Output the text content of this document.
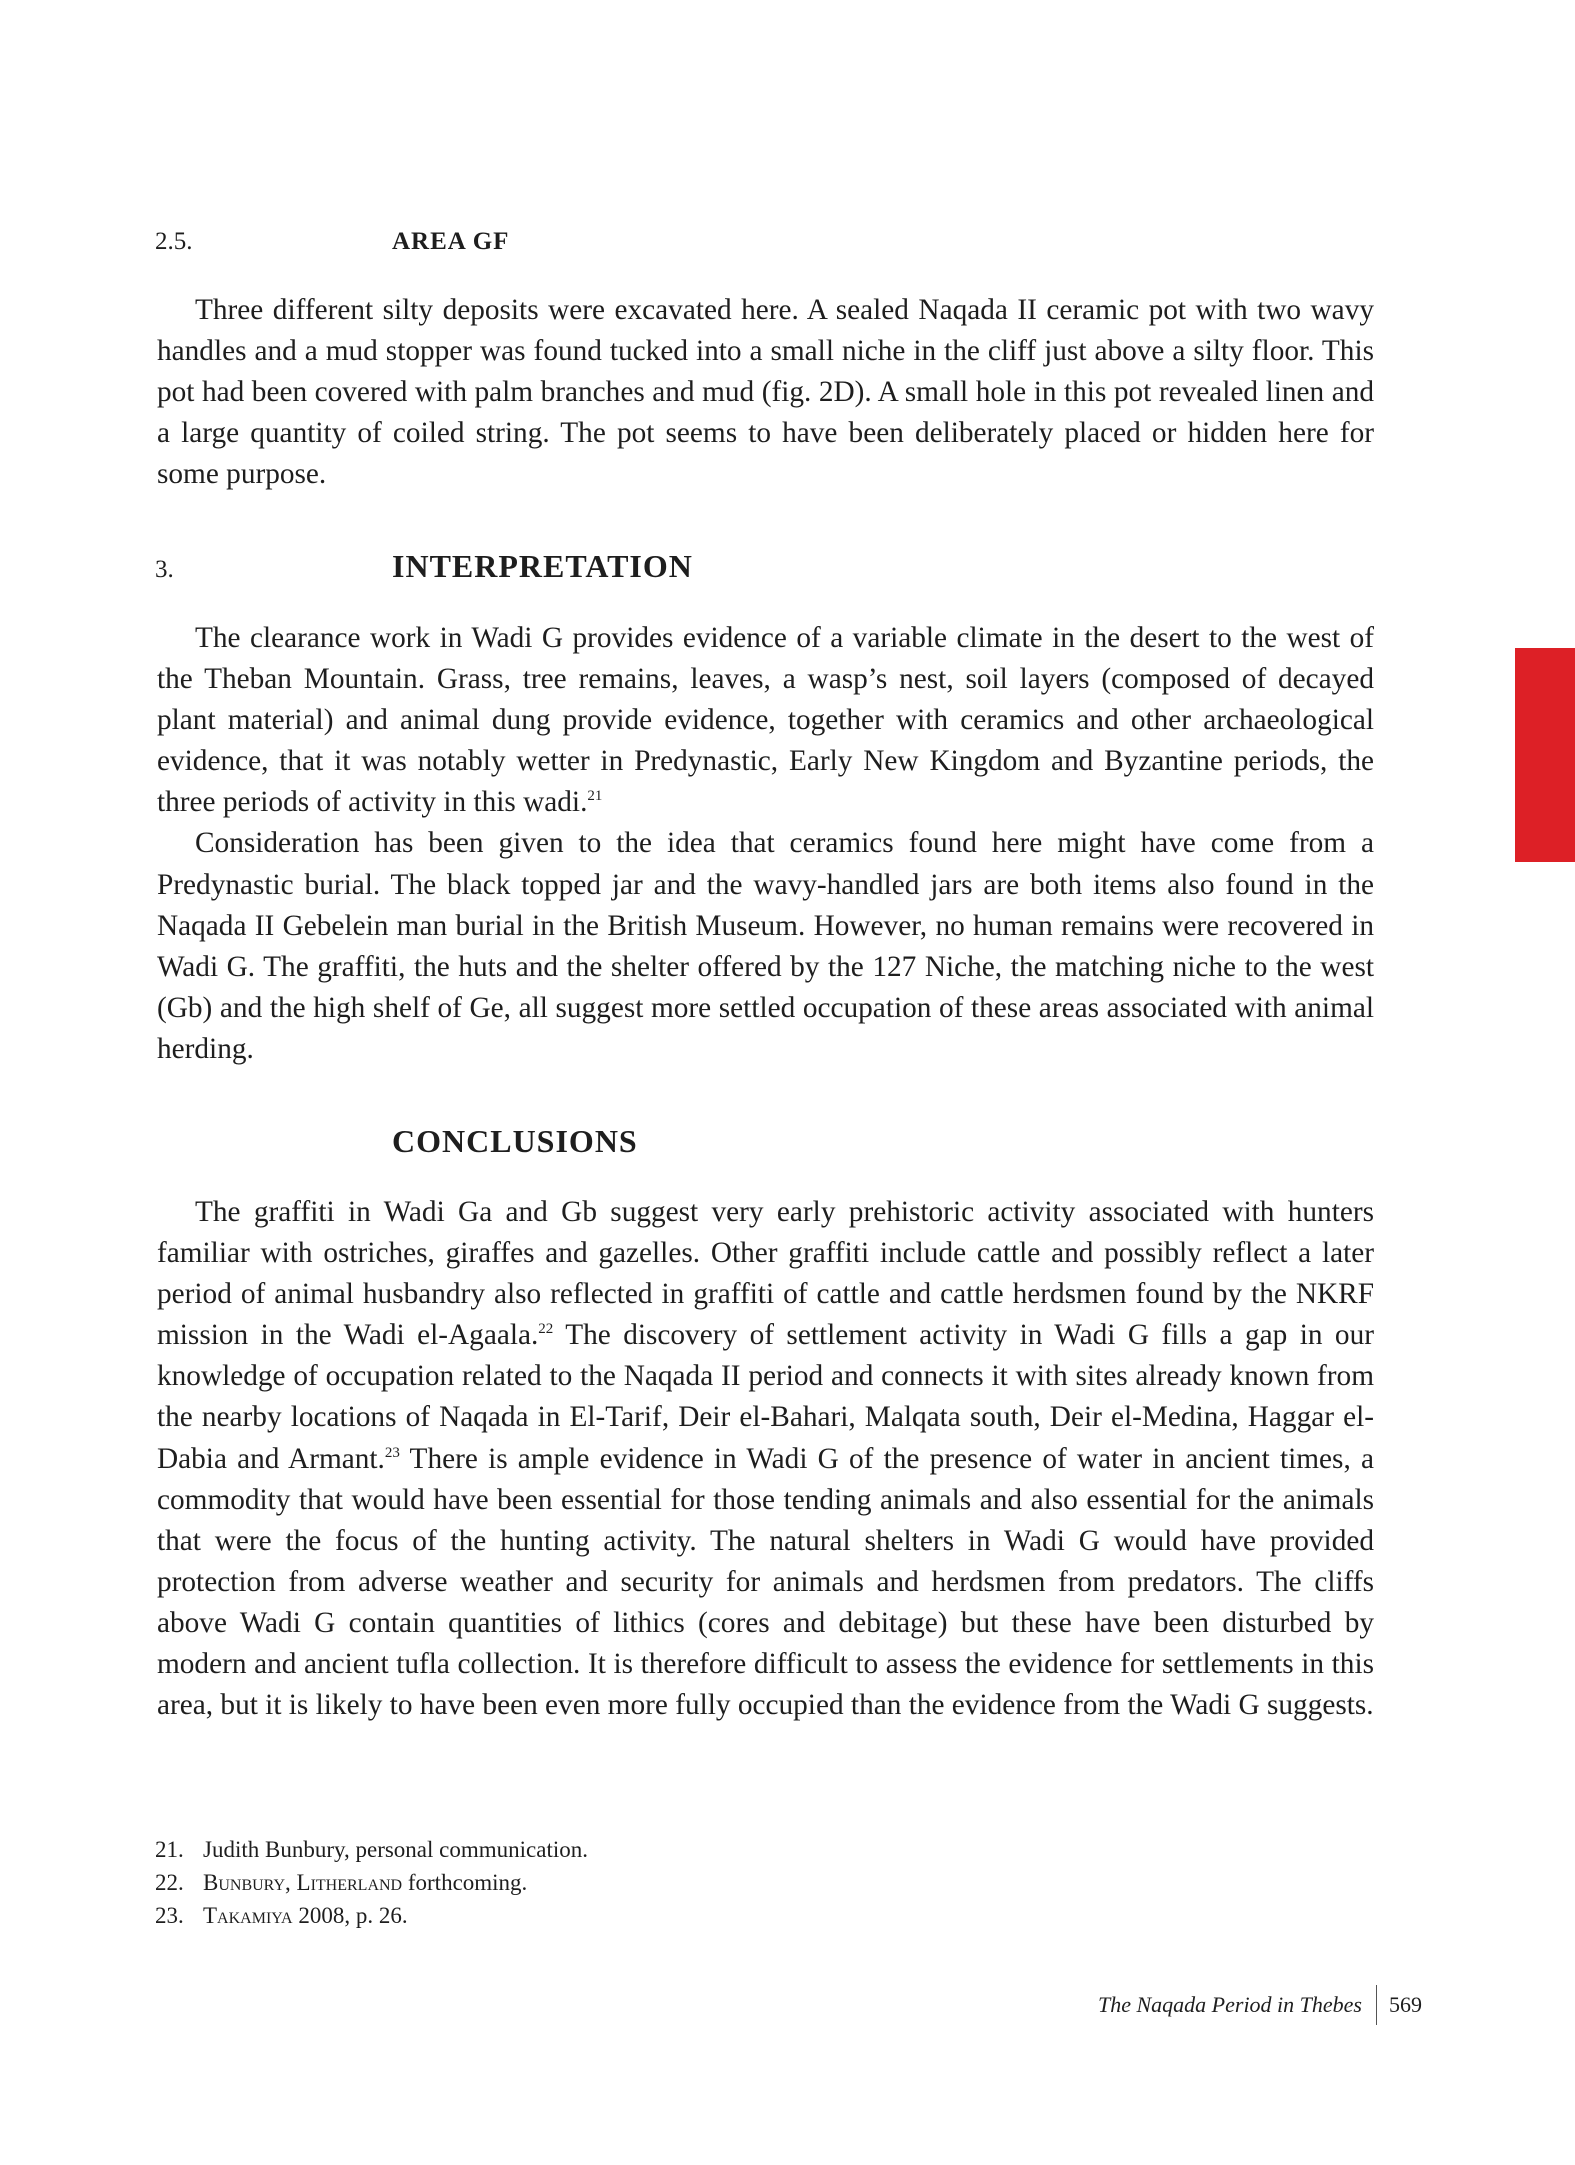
2.5.	AREA GF

Three different silty deposits were excavated here. A sealed Naqada II ceramic pot with two wavy handles and a mud stopper was found tucked into a small niche in the cliff just above a silty floor. This pot had been covered with palm branches and mud (fig. 2D). A small hole in this pot revealed linen and a large quantity of coiled string. The pot seems to have been deliberately placed or hidden here for some purpose.

3.	INTERPRETATION

The clearance work in Wadi G provides evidence of a variable climate in the desert to the west of the Theban Mountain. Grass, tree remains, leaves, a wasp’s nest, soil layers (composed of decayed plant material) and animal dung provide evidence, together with ceramics and other archaeological evidence, that it was notably wetter in Predynastic, Early New Kingdom and Byzantine periods, the three periods of activity in this wadi.$^{21}$

Consideration has been given to the idea that ceramics found here might have come from a Predynastic burial. The black topped jar and the wavy-handled jars are both items also found in the Naqada II Gebelein man burial in the British Museum. However, no human remains were recovered in Wadi G. The graffiti, the huts and the shelter offered by the 127 Niche, the matching niche to the west (Gb) and the high shelf of Ge, all suggest more settled occupation of these areas associated with animal herding.

CONCLUSIONS

The graffiti in Wadi Ga and Gb suggest very early prehistoric activity associated with hunters familiar with ostriches, giraffes and gazelles. Other graffiti include cattle and possibly reflect a later period of animal husbandry also reflected in graffiti of cattle and cattle herdsmen found by the NKRF mission in the Wadi el-Agaala.$^{22}$ The discovery of settlement activity in Wadi G fills a gap in our knowledge of occupation related to the Naqada II period and connects it with sites already known from the nearby locations of Naqada in El-Tarif, Deir el-Bahari, Malqata south, Deir el-Medina, Haggar el-Dabia and Armant.$^{23}$ There is ample evidence in Wadi G of the presence of water in ancient times, a commodity that would have been essential for those tending animals and also essential for the animals that were the focus of the hunting activity. The natural shelters in Wadi G would have provided protection from adverse weather and security for animals and herdsmen from predators. The cliffs above Wadi G contain quantities of lithics (cores and debitage) but these have been disturbed by modern and ancient tufla collection. It is therefore difficult to assess the evidence for settlements in this area, but it is likely to have been even more fully occupied than the evidence from the Wadi G suggests.

21. Judith Bunbury, personal communication.
22. Bunbury, Litherland forthcoming.
23. Takamiya 2008, p. 26.
The Naqada Period in Thebes 569
